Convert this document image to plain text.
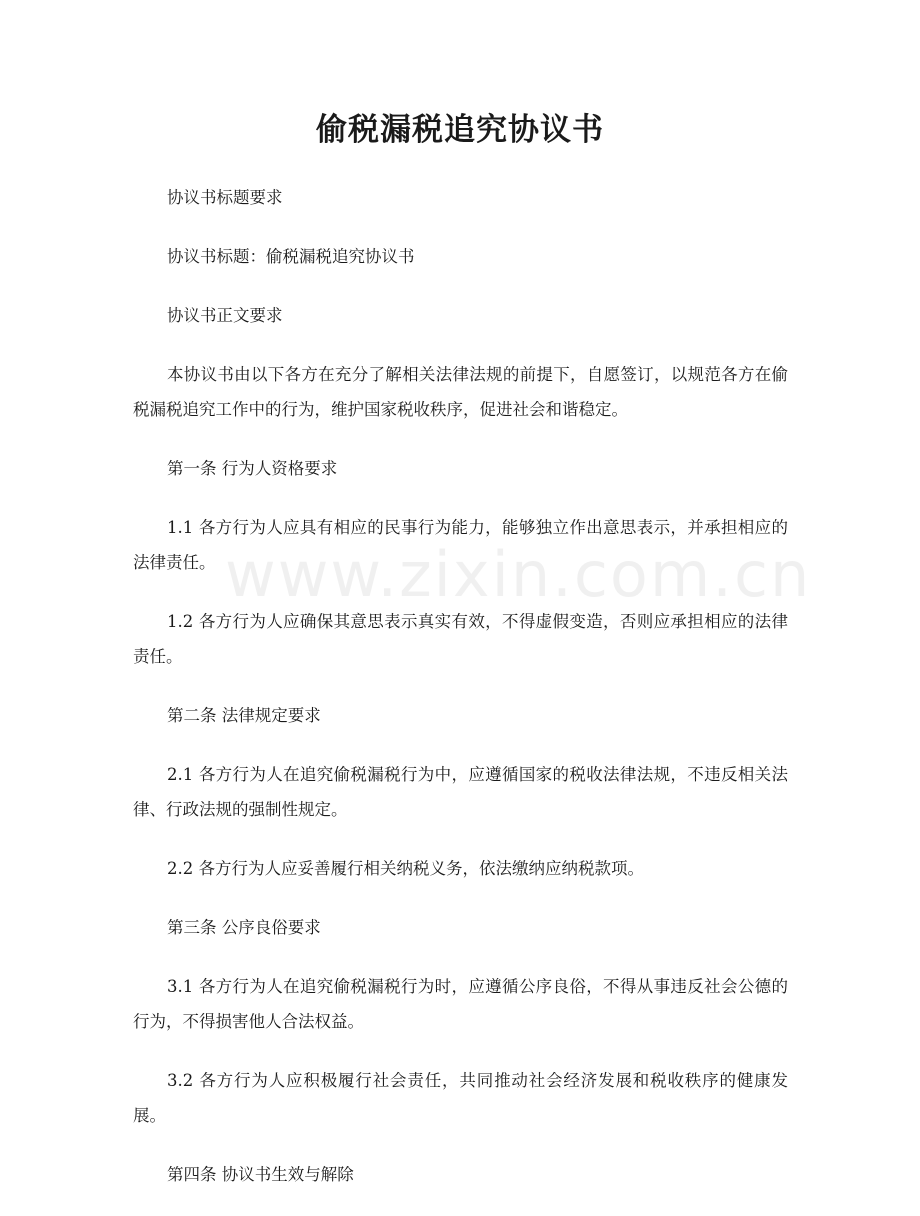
www.zixin.com.cn
偷税漏税追究协议书

协议书标题要求

协议书标题：偷税漏税追究协议书

协议书正文要求

本协议书由以下各方在充分了解相关法律法规的前提下，自愿签订，以规范各方在偷税漏税追究工作中的行为，维护国家税收秩序，促进社会和谐稳定。

第一条 行为人资格要求

1.1 各方行为人应具有相应的民事行为能力，能够独立作出意思表示，并承担相应的法律责任。

1.2 各方行为人应确保其意思表示真实有效，不得虚假变造，否则应承担相应的法律责任。

第二条 法律规定要求

2.1 各方行为人在追究偷税漏税行为中，应遵循国家的税收法律法规，不违反相关法律、行政法规的强制性规定。

2.2 各方行为人应妥善履行相关纳税义务，依法缴纳应纳税款项。

第三条 公序良俗要求

3.1 各方行为人在追究偷税漏税行为时，应遵循公序良俗，不得从事违反社会公德的行为，不得损害他人合法权益。

3.2 各方行为人应积极履行社会责任，共同推动社会经济发展和税收秩序的健康发展。

第四条 协议书生效与解除
